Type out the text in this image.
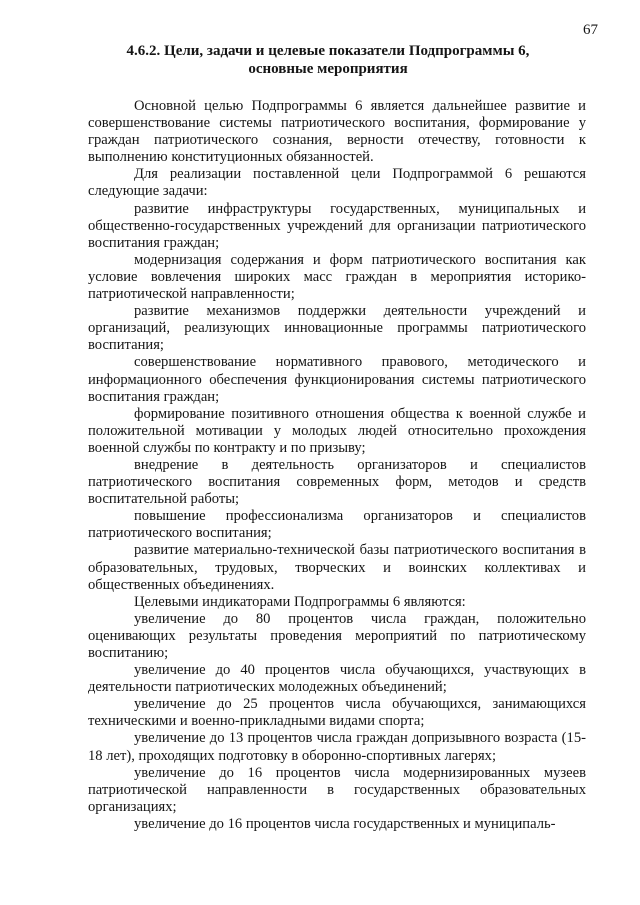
67
4.6.2. Цели, задачи и целевые показатели Подпрограммы 6,
основные мероприятия

Основной целью Подпрограммы 6 является дальнейшее развитие и совершенствование системы патриотического воспитания, формирование у граждан патриотического сознания, верности отечеству, готовности к выполнению конституционных обязанностей.

Для реализации поставленной цели Подпрограммой 6 решаются следующие задачи:

развитие инфраструктуры государственных, муниципальных и общественно-государственных учреждений для организации патриотического воспитания граждан;

модернизация содержания и форм патриотического воспитания как условие вовлечения широких масс граждан в мероприятия историко-патриотической направленности;

развитие механизмов поддержки деятельности учреждений и организаций, реализующих инновационные программы патриотического воспитания;

совершенствование нормативного правового, методического и информационного обеспечения функционирования системы патриотического воспитания граждан;

формирование позитивного отношения общества к военной службе и положительной мотивации у молодых людей относительно прохождения военной службы по контракту и по призыву;

внедрение в деятельность организаторов и специалистов патриотического воспитания современных форм, методов и средств воспитательной работы;

повышение профессионализма организаторов и специалистов патриотического воспитания;

развитие материально-технической базы патриотического воспитания в образовательных, трудовых, творческих и воинских коллективах и общественных объединениях.

Целевыми индикаторами Подпрограммы 6 являются:

увеличение до 80 процентов числа граждан, положительно оценивающих результаты проведения мероприятий по патриотическому воспитанию;

увеличение до 40 процентов числа обучающихся, участвующих в деятельности патриотических молодежных объединений;

увеличение до 25 процентов числа обучающихся, занимающихся техническими и военно-прикладными видами спорта;

увеличение до 13 процентов числа граждан допризывного возраста (15-18 лет), проходящих подготовку в оборонно-спортивных лагерях;

увеличение до 16 процентов числа модернизированных музеев патриотической направленности в государственных образовательных организациях;

увеличение до 16 процентов числа государственных и муниципаль-
